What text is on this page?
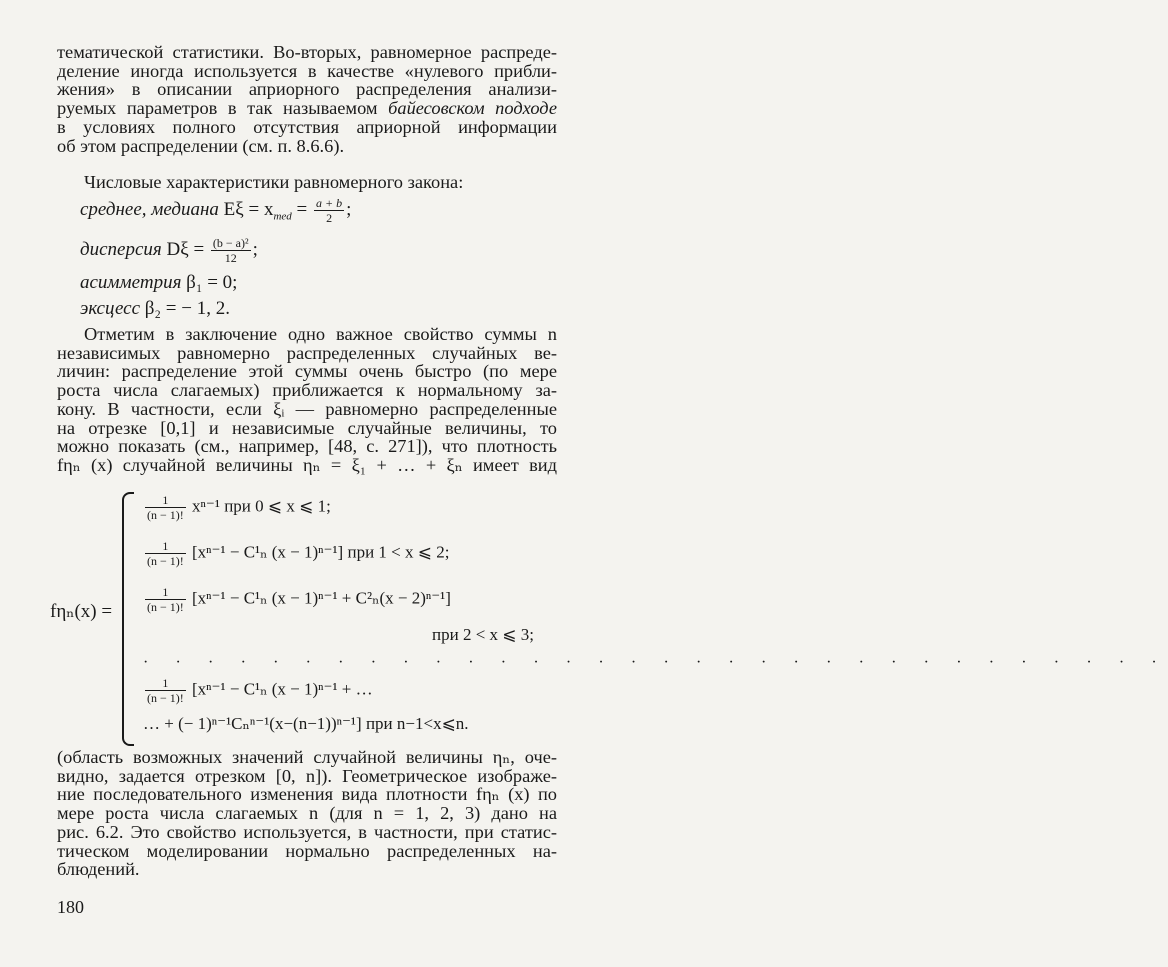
тематической статистики. Во-вторых, равномерное распреде-
деление иногда используется в качестве «нулевого прибли-
жения» в описании априорного распределения анализи-
руемых параметров в так называемом байесовском подходе
в условиях полного отсутствия априорной информации
об этом распределении (см. п. 8.6.6).
Числовые характеристики равномерного закона:
среднее, медиана $E\xi = x_{med} = \frac{a + b}{2}$ ;
дисперсия $D\xi = \frac{\text{(b − a)²}}{12}$ ;
асимметрия β₁ = 0;
эксцесс β₂ = − 1, 2.
Отметим в заключение одно важное свойство суммы n
независимых равномерно распределенных случайных ве-
личин: распределение этой суммы очень быстро (по мере
роста числа слагаемых) приближается к нормальному за-
кону. В частности, если ξᵢ — равномерно распределенные
на отрезке [0,1] и независимые случайные величины, то
можно показать (см., например, [48, с. 271]), что плотность
fηₙ (x) случайной величины ηₙ = ξ₁ + … + ξₙ имеет вид
fηₙ(x) =
$\frac{1}{(n - 1)!} x^{n-1}$ при 0 ⩽ x ⩽ 1;
$\frac{1}{(n - 1)!} [x^{n-1} - C^1_n$ (x − 1)ⁿ⁻¹] при 1 < x ⩽ 2;
$\frac{1}{(n - 1)!} [x^{n-1} - C^1_n$ (x − 1)ⁿ⁻¹ + C²ₙ(x − 2)ⁿ⁻¹]
при 2 < x ⩽ 3;
· · · · · · · · · · · · · · · · · · · · · · · · · · · · · · · ·
$\frac{1}{(n - 1)!} [x^{n-1} - C^1_n$ (x − 1)ⁿ⁻¹ + …
… + (− 1)ⁿ⁻¹Cₙⁿ⁻¹(x−(n−1))ⁿ⁻¹] при n−1<x⩽n.
(область возможных значений случайной величины ηₙ, оче-
видно, задается отрезком [0, n]). Геометрическое изображе-
ние последовательного изменения вида плотности fηₙ (x) по
мере роста числа слагаемых n (для n = 1, 2, 3) дано на
рис. 6.2. Это свойство используется, в частности, при статис-
тическом моделировании нормально распределенных на-
блюдений.
180
